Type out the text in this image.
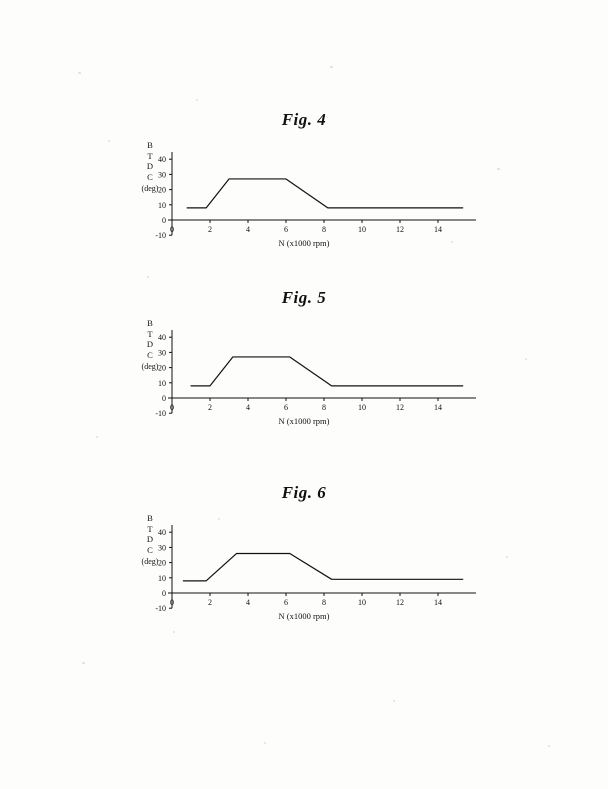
Fig. 4
B
T
D
C
(deg)
N (x1000 rpm)
-10
0
10
20
30
40
0	2	4	6	8	10	12	14
Fig. 5
B
T
D
C
(deg)
N (x1000 rpm)
-10
0
10
20
30
40
0	2	4	6	8	10	12	14
Fig. 6
B
T
D
C
(deg)
N (x1000 rpm)
-10
0
10
20
30
40
0	2	4	6	8	10	12	14
